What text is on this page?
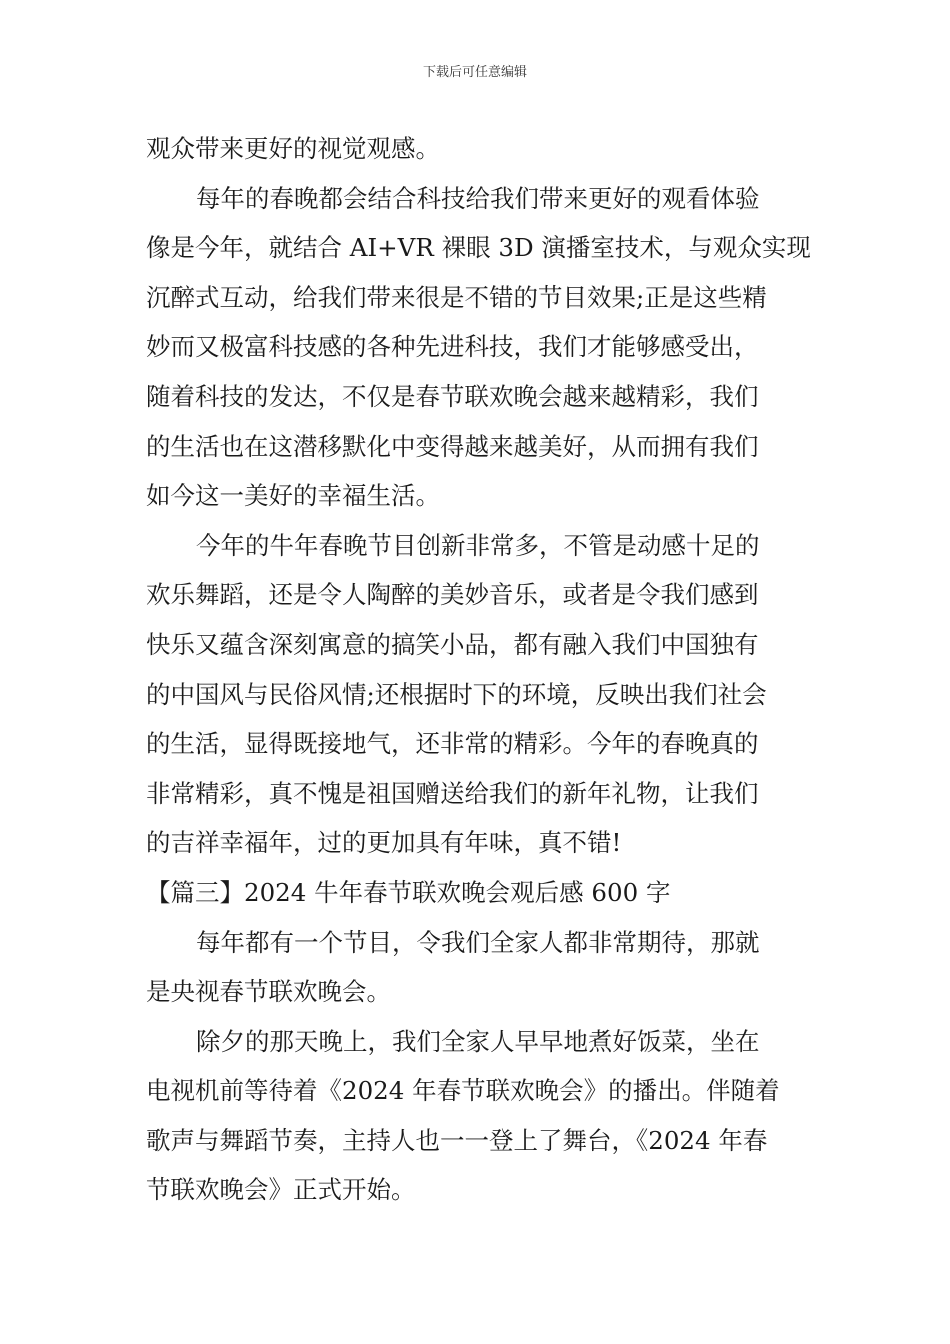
下载后可任意编辑
观众带来更好的视觉观感。
每年的春晚都会结合科技给我们带来更好的观看体验
像是今年，就结合 AI+VR 裸眼 3D 演播室技术，与观众实现
沉醉式互动，给我们带来很是不错的节目效果;正是这些精
妙而又极富科技感的各种先进科技，我们才能够感受出，
随着科技的发达，不仅是春节联欢晚会越来越精彩，我们
的生活也在这潜移默化中变得越来越美好，从而拥有我们
如今这一美好的幸福生活。
今年的牛年春晚节目创新非常多，不管是动感十足的
欢乐舞蹈，还是令人陶醉的美妙音乐，或者是令我们感到
快乐又蕴含深刻寓意的搞笑小品，都有融入我们中国独有
的中国风与民俗风情;还根据时下的环境，反映出我们社会
的生活，显得既接地气，还非常的精彩。今年的春晚真的
非常精彩，真不愧是祖国赠送给我们的新年礼物，让我们
的吉祥幸福年，过的更加具有年味，真不错!
【篇三】2024 牛年春节联欢晚会观后感 600 字
每年都有一个节目，令我们全家人都非常期待，那就
是央视春节联欢晚会。
除夕的那天晚上，我们全家人早早地煮好饭菜，坐在
电视机前等待着《2024 年春节联欢晚会》的播出。伴随着
歌声与舞蹈节奏，主持人也一一登上了舞台，《2024 年春
节联欢晚会》正式开始。
